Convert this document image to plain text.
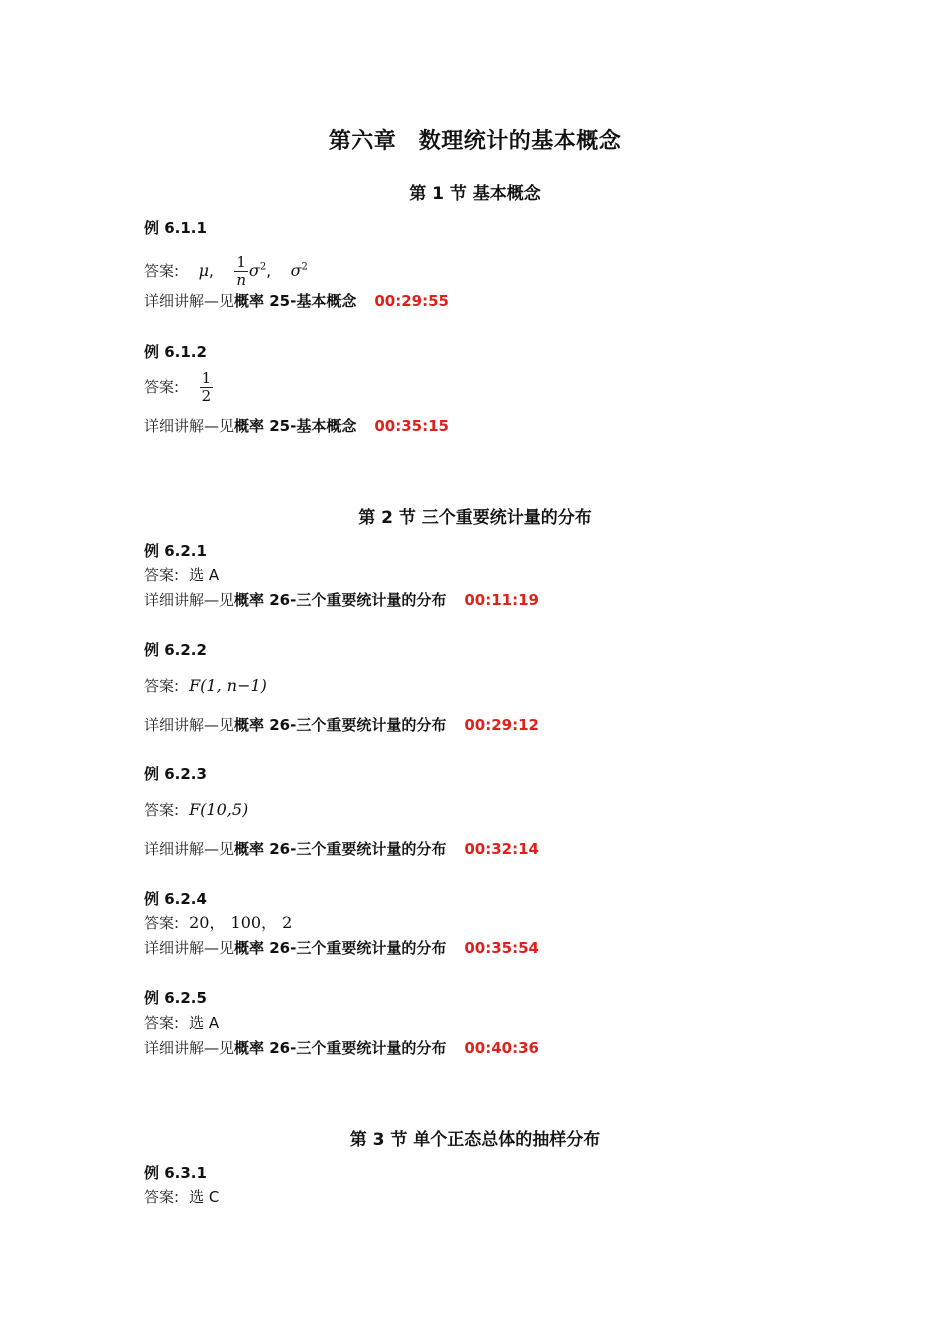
第六章　数理统计的基本概念
第 1 节 基本概念
例 6.1.1
答案: μ, $\frac{1}{n} \sigma^2$, $\sigma^2$
详细讲解—见概率 25-基本概念 00:29:55
例 6.1.2
答案: $\frac{1}{2}$
详细讲解—见概率 25-基本概念 00:35:15
第 2 节 三个重要统计量的分布
例 6.2.1
答案: 选 A
详细讲解—见概率 26-三个重要统计量的分布 00:11:19
例 6.2.2
答案: F(1, n−1)
详细讲解—见概率 26-三个重要统计量的分布 00:29:12
例 6.2.3
答案: F(10,5)
详细讲解—见概率 26-三个重要统计量的分布 00:32:14
例 6.2.4
答案: 20， 100， 2
详细讲解—见概率 26-三个重要统计量的分布 00:35:54
例 6.2.5
答案: 选 A
详细讲解—见概率 26-三个重要统计量的分布 00:40:36
第 3 节 单个正态总体的抽样分布
例 6.3.1
答案: 选 C
